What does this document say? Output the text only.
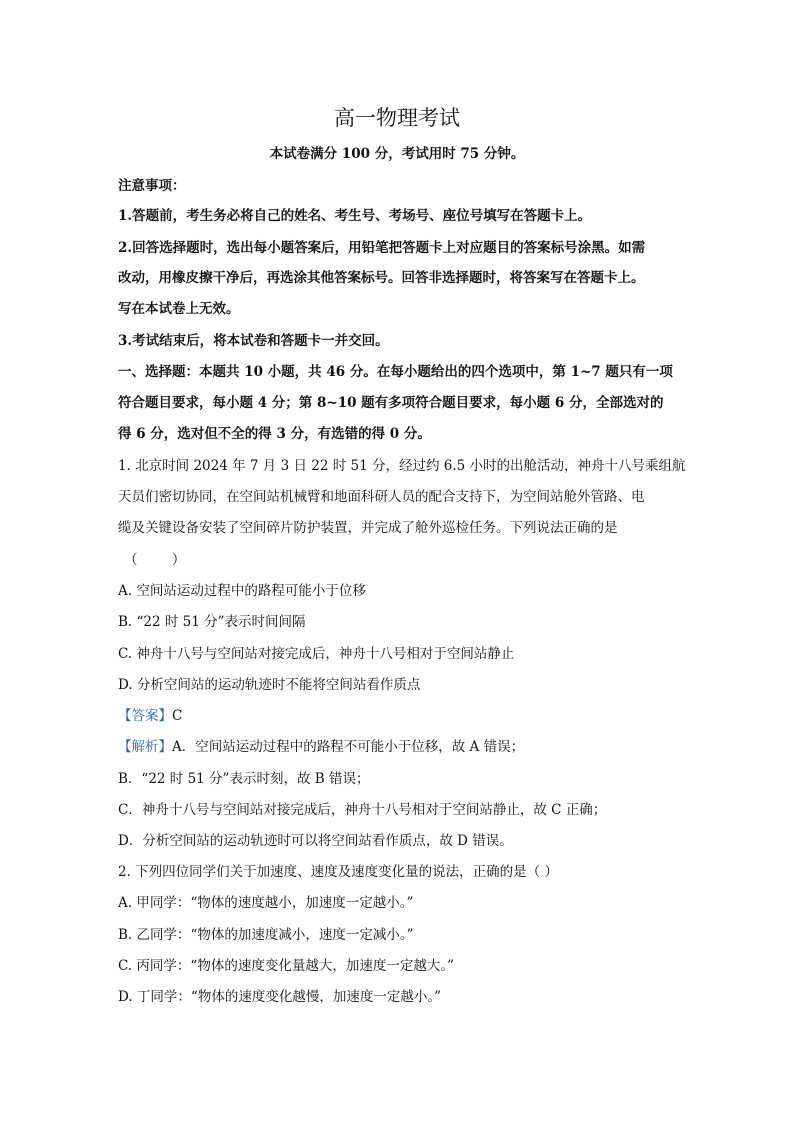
高一物理考试
本试卷满分 100 分，考试用时 75 分钟。
注意事项：
1.答题前，考生务必将自己的姓名、考生号、考场号、座位号填写在答题卡上。
2.回答选择题时，选出每小题答案后，用铅笔把答题卡上对应题目的答案标号涂黑。如需
改动，用橡皮擦干净后，再选涂其他答案标号。回答非选择题时，将答案写在答题卡上。
写在本试卷上无效。
3.考试结束后，将本试卷和答题卡一并交回。
一、选择题：本题共 10 小题，共 46 分。在每小题给出的四个选项中，第 1~7 题只有一项
符合题目要求，每小题 4 分；第 8~10 题有多项符合题目要求，每小题 6 分，全部选对的
得 6 分，选对但不全的得 3 分，有选错的得 0 分。
1. 北京时间 2024 年 7 月 3 日 22 时 51 分，经过约 6.5 小时的出舱活动，神舟十八号乘组航
天员们密切协同，在空间站机械臂和地面科研人员的配合支持下，为空间站舱外管路、电
缆及关键设备安装了空间碎片防护装置，并完成了舱外巡检任务。下列说法正确的是
（        ）
A. 空间站运动过程中的路程可能小于位移
B. “22 时 51 分”表示时间间隔
C. 神舟十八号与空间站对接完成后，神舟十八号相对于空间站静止
D. 分析空间站的运动轨迹时不能将空间站看作质点
【答案】C
【解析】A．空间站运动过程中的路程不可能小于位移，故 A 错误；
B．“22 时 51 分”表示时刻，故 B 错误；
C．神舟十八号与空间站对接完成后，神舟十八号相对于空间站静止，故 C 正确；
D．分析空间站的运动轨迹时可以将空间站看作质点，故 D 错误。
2. 下列四位同学们关于加速度、速度及速度变化量的说法，正确的是（ ）
A. 甲同学：“物体的速度越小，加速度一定越小。”
B. 乙同学：“物体的加速度减小，速度一定减小。”
C. 丙同学：“物体的速度变化量越大，加速度一定越大。”
D. 丁同学：“物体的速度变化越慢，加速度一定越小。”
